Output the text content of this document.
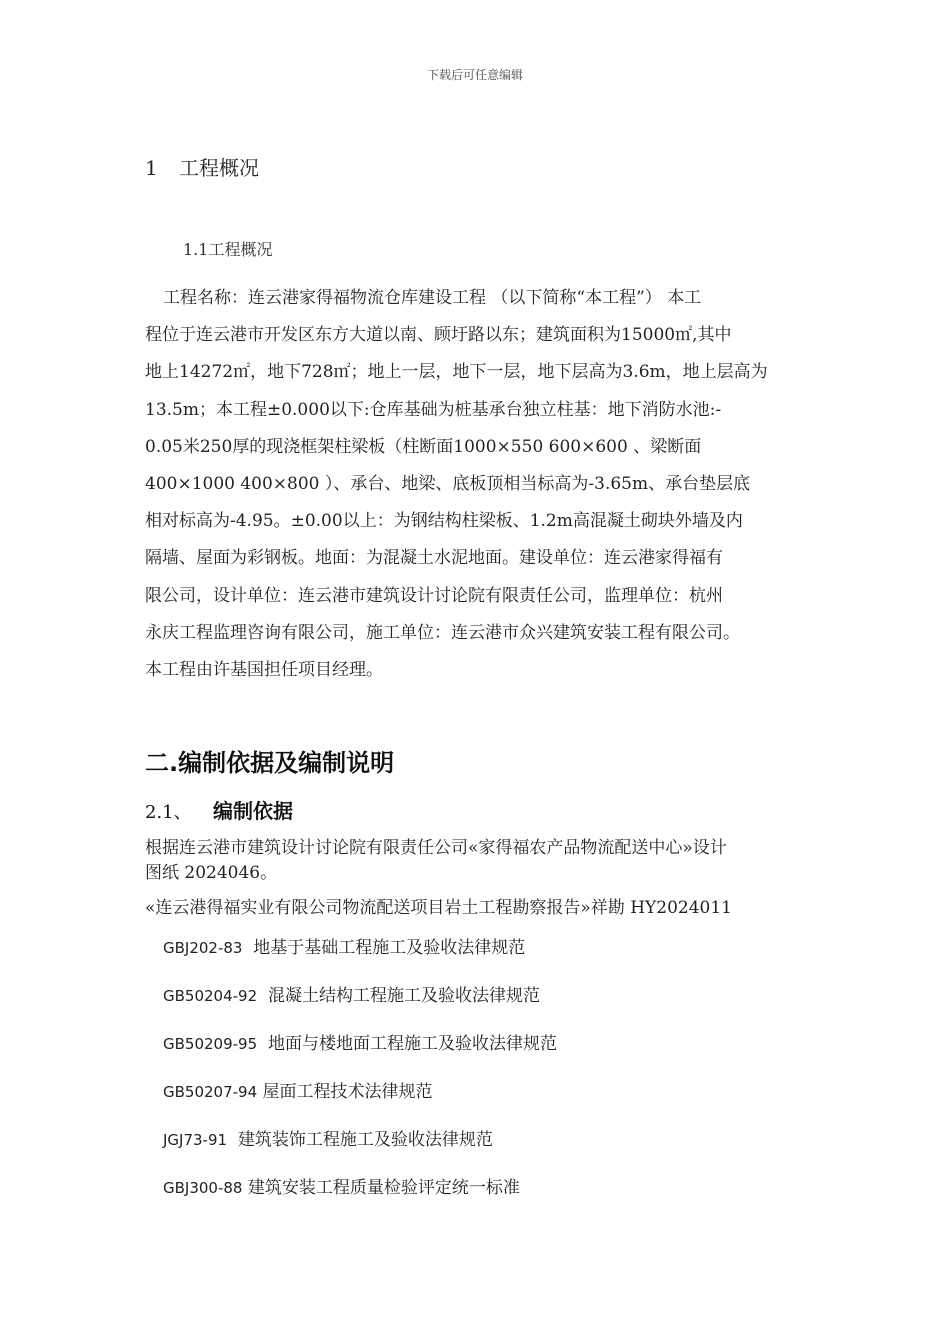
下载后可任意编辑
1 工程概况
1.1工程概况
工程名称：连云港家得福物流仓库建设工程 （以下简称“本工程”） 本工
程位于连云港市开发区东方大道以南、顾圩路以东；建筑面积为15000㎡,其中
地上14272㎡，地下728㎡；地上一层，地下一层，地下层高为3.6m，地上层高为
13.5m；本工程±0.000以下:仓库基础为桩基承台独立柱基：地下消防水池:-
0.05米250厚的现浇框架柱梁板（柱断面1000×550 600×600 、梁断面
400×1000 400×800 ）、承台、地梁、底板顶相当标高为-3.65m、承台垫层底
相对标高为-4.95。±0.00以上：为钢结构柱梁板、1.2m高混凝土砌块外墙及内
隔墙、屋面为彩钢板。地面：为混凝土水泥地面。建设单位：连云港家得福有
限公司，设计单位：连云港市建筑设计讨论院有限责任公司，监理单位：杭州
永庆工程监理咨询有限公司，施工单位：连云港市众兴建筑安装工程有限公司。
本工程由许基国担任项目经理。
二.编制依据及编制说明
2.1、 编制依据
根据连云港市建筑设计讨论院有限责任公司«家得福农产品物流配送中心»设计
图纸 2024046。
«连云港得福实业有限公司物流配送项目岩土工程勘察报告»祥勘 HY2024011
GBJ202-83 地基于基础工程施工及验收法律规范
GB50204-92 混凝土结构工程施工及验收法律规范
GB50209-95 地面与楼地面工程施工及验收法律规范
GB50207-94 屋面工程技术法律规范
JGJ73-91 建筑装饰工程施工及验收法律规范
GBJ300-88 建筑安装工程质量检验评定统一标准
